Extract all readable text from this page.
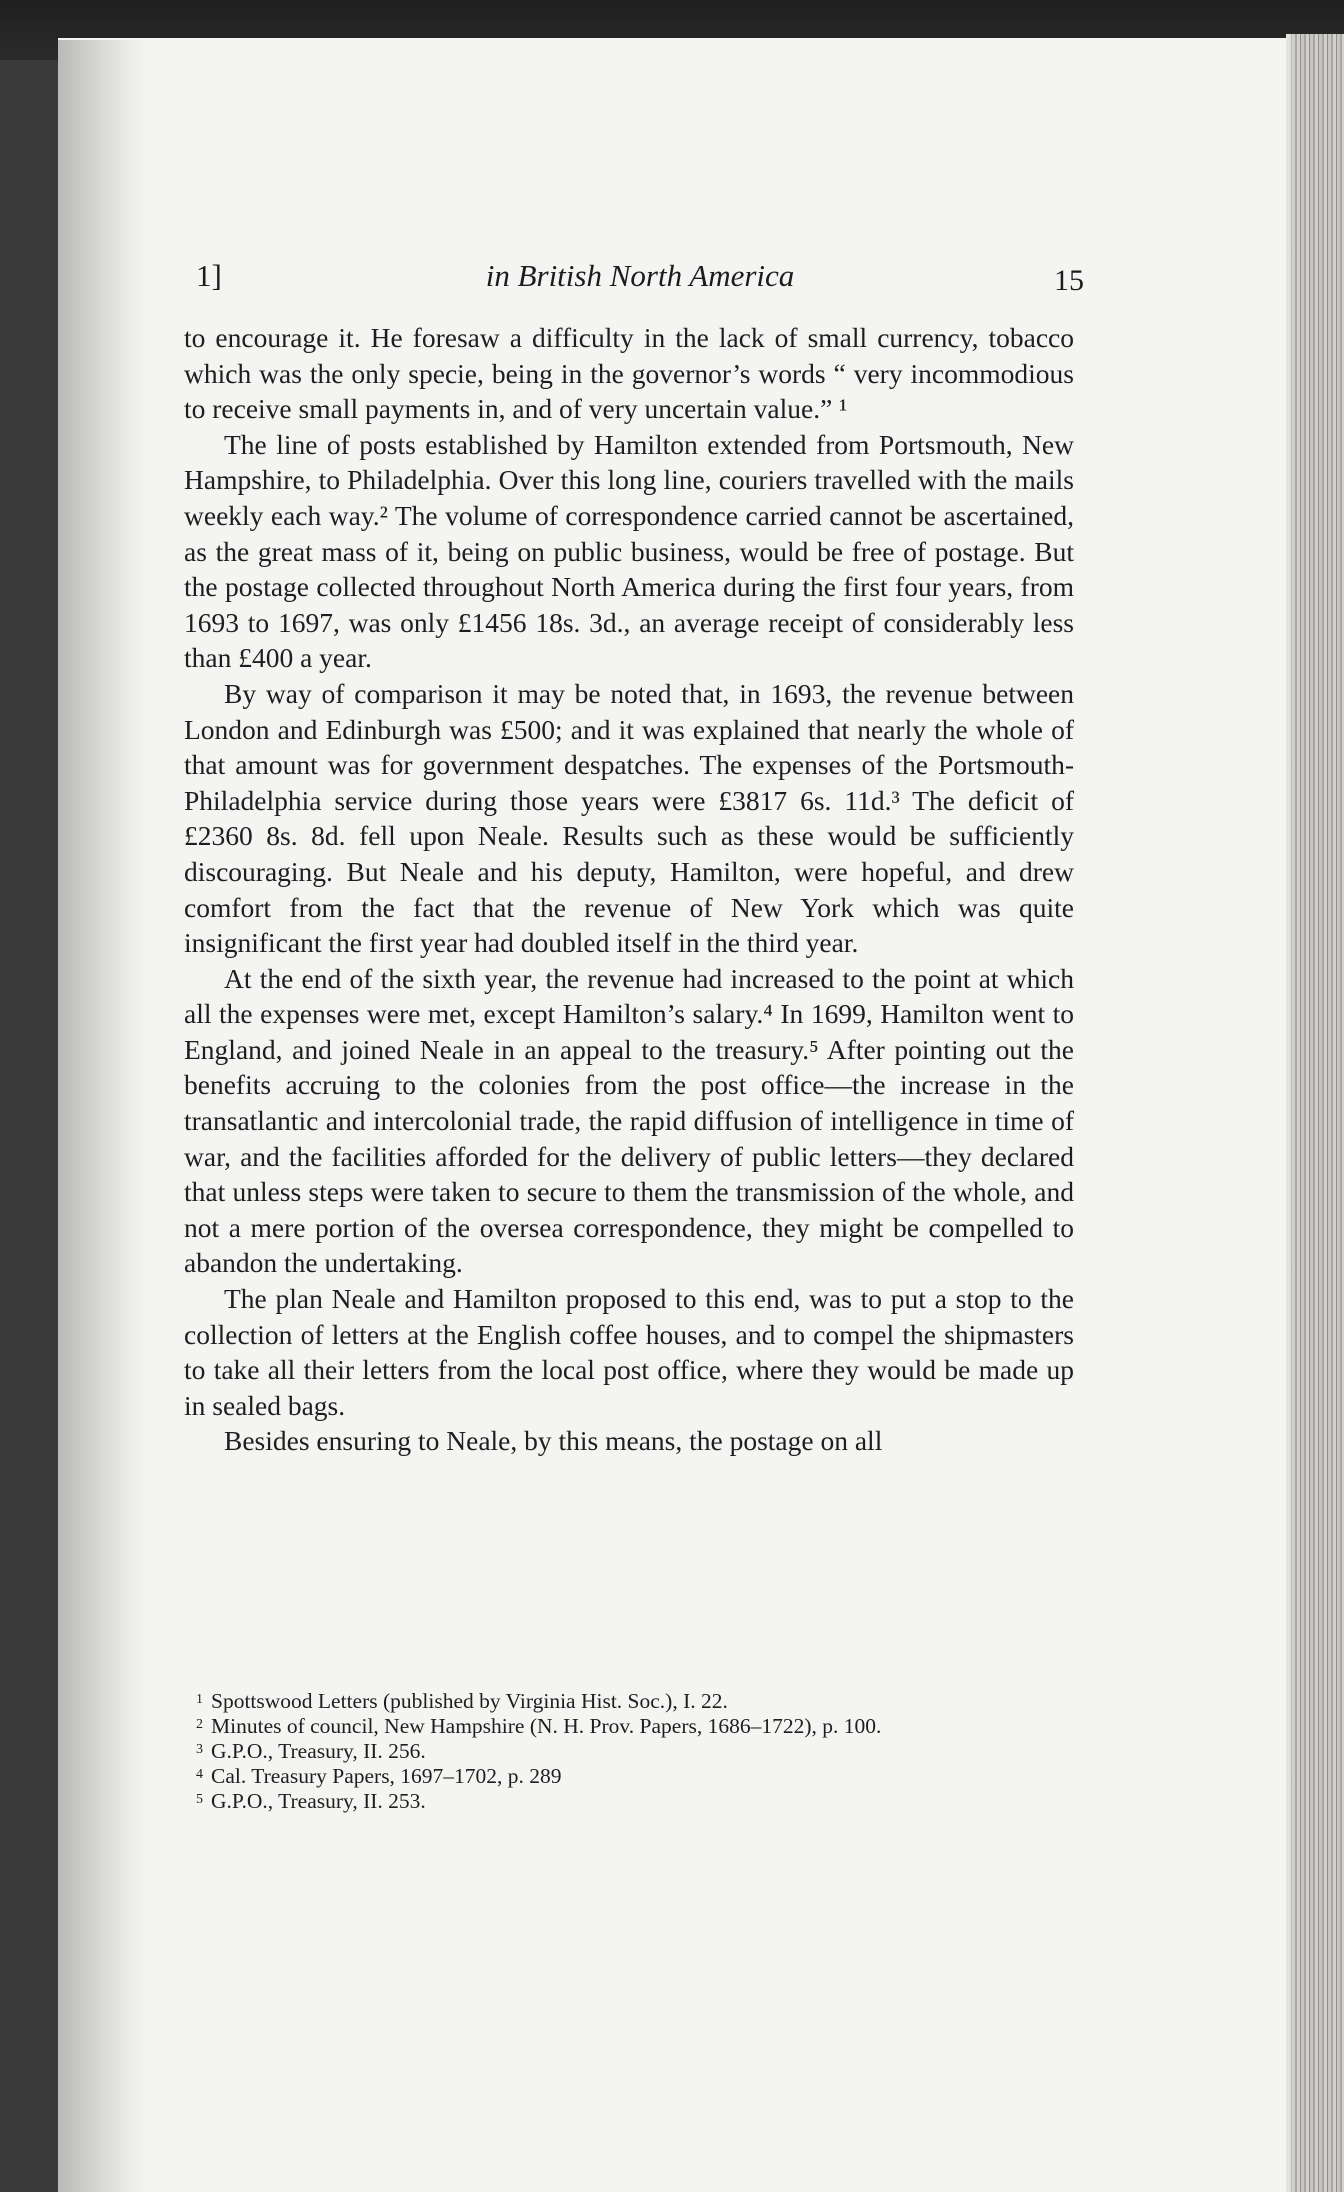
1]	in British North America	15

to encourage it. He foresaw a difficulty in the lack of small currency, tobacco which was the only specie, being in the governor’s words “ very incommodious to receive small payments in, and of very uncertain value.” ¹

The line of posts established by Hamilton extended from Portsmouth, New Hampshire, to Philadelphia. Over this long line, couriers travelled with the mails weekly each way.² The volume of correspondence carried cannot be ascertained, as the great mass of it, being on public business, would be free of postage. But the postage collected throughout North America during the first four years, from 1693 to 1697, was only £1456 18s. 3d., an average receipt of considerably less than £400 a year.

By way of comparison it may be noted that, in 1693, the revenue between London and Edinburgh was £500; and it was explained that nearly the whole of that amount was for government despatches. The expenses of the Portsmouth-Philadelphia service during those years were £3817 6s. 11d.³ The deficit of £2360 8s. 8d. fell upon Neale. Results such as these would be sufficiently discouraging. But Neale and his deputy, Hamilton, were hopeful, and drew comfort from the fact that the revenue of New York which was quite insignificant the first year had doubled itself in the third year.

At the end of the sixth year, the revenue had increased to the point at which all the expenses were met, except Hamilton’s salary.⁴ In 1699, Hamilton went to England, and joined Neale in an appeal to the treasury.⁵ After pointing out the benefits accruing to the colonies from the post office—the increase in the transatlantic and intercolonial trade, the rapid diffusion of intelligence in time of war, and the facilities afforded for the delivery of public letters—they declared that unless steps were taken to secure to them the transmission of the whole, and not a mere portion of the oversea correspondence, they might be compelled to abandon the undertaking.

The plan Neale and Hamilton proposed to this end, was to put a stop to the collection of letters at the English coffee houses, and to compel the shipmasters to take all their letters from the local post office, where they would be made up in sealed bags.

Besides ensuring to Neale, by this means, the postage on all

$^1$ Spottswood Letters (published by Virginia Hist. Soc.), I. 22.

$^2$ Minutes of council, New Hampshire (N. H. Prov. Papers, 1686–1722), p. 100.

$^3$ G.P.O., Treasury, II. 256.

$^4$ Cal. Treasury Papers, 1697–1702, p. 289

$^5$ G.P.O., Treasury, II. 253.
